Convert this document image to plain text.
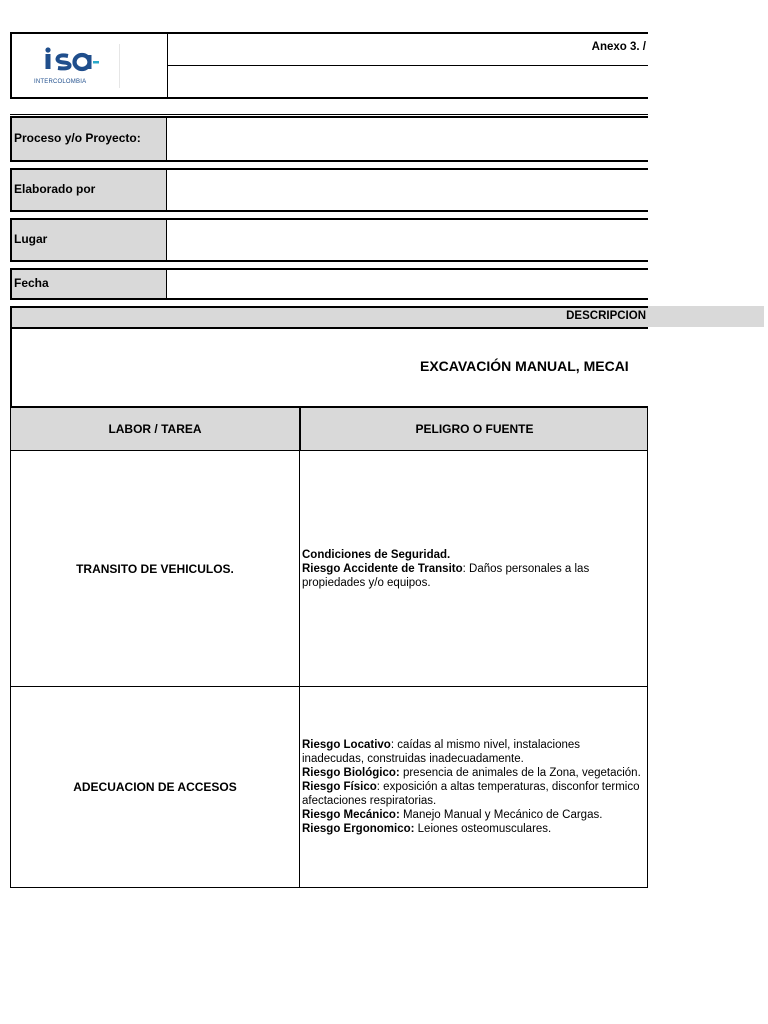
INTERCOLOMBIA
Anexo 3. /
Proceso y/o Proyecto:
Elaborado por
Lugar
Fecha
DESCRIPCIÓN
EXCAVACIÓN MANUAL, MECAI
LABOR / TAREA	PELIGRO O FUENTE
TRANSITO DE VEHICULOS.
Condiciones de Seguridad.
Riesgo Accidente de Transito: Daños personales a las propiedades y/o equipos.
ADECUACION DE ACCESOS
Riesgo Locativo: caídas al mismo nivel, instalaciones inadecudas, construidas inadecuadamente.
Riesgo Biológico: presencia de animales de la Zona, vegetación.
Riesgo Físico: exposición a altas temperaturas, disconfor termico afectaciones respiratorias.
Riesgo Mecánico: Manejo Manual y Mecánico de Cargas.
Riesgo Ergonomico: Leiones osteomusculares.
